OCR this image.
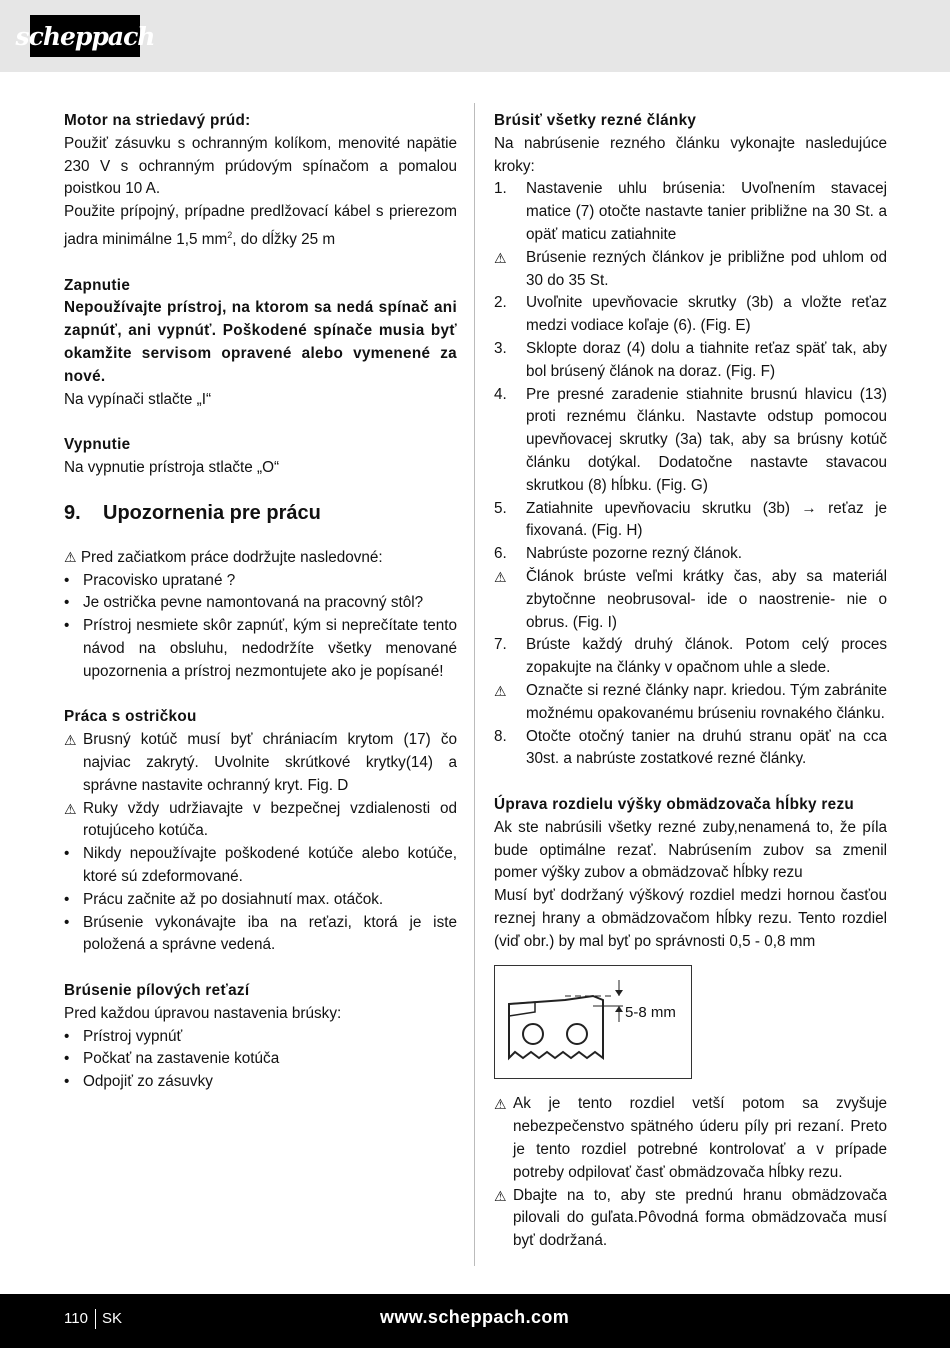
scheppach

Motor na striedavý prúd:

Použiť zásuvku s ochranným kolíkom, menovité napätie 230 V s ochranným prúdovým spínačom a pomalou poistkou 10 A.

Použite prípojný, prípadne predlžovací kábel s prierezom jadra minimálne 1,5 $mm^2$, do dĺžky 25 m

Zapnutie

Nepoužívajte prístroj, na ktorom sa nedá spínač ani zapnúť, ani vypnúť. Poškodené spínače musia byť okamžite servisom opravené alebo vymenené za nové.

Na vypínači stlačte „I“

Vypnutie

Na vypnutie prístroja stlačte „O“

9. Upozornenia pre prácu

⚠ Pred začiatkom práce dodržujte nasledovné:

• Pracovisko upratané ?
• Je ostrička pevne namontovaná na pracovný stôl?
• Prístroj nesmiete skôr zapnúť, kým si neprečítate tento návod na obsluhu, nedodržíte všetky menované upozornenia a prístroj nezmontujete ako je popísané!

Práca s ostričkou

⚠ Brusný kotúč musí byť chrániacím krytom (17) čo najviac zakrytý. Uvolnite skrútkové krytky(14) a správne nastavite ochranný kryt. Fig. D
⚠ Ruky vždy udržiavajte v bezpečnej vzdialenosti od rotujúceho kotúča.
• Nikdy nepoužívajte poškodené kotúče alebo kotúče, ktoré sú zdeformované.
• Prácu začnite až po dosiahnutí max. otáčok.
• Brúsenie vykonávajte iba na reťazi, ktorá je iste položená a správne vedená.

Brúsenie pílových reťazí

Pred každou úpravou nastavenia brúsky:

• Prístroj vypnúť
• Počkať na zastavenie kotúča
• Odpojiť zo zásuvky

Brúsiť všetky rezné články

Na nabrúsenie rezného článku vykonajte nasledujúce kroky:

1. Nastavenie uhlu brúsenia: Uvoľnením stavacej matice (7) otočte nastavte tanier približne na 30 St. a opäť maticu zatiahnite
⚠ Brúsenie rezných článkov je približne pod uhlom od 30 do 35 St.
2. Uvoľnite upevňovacie skrutky (3b) a vložte reťaz medzi vodiace koľaje (6). (Fig. E)
3. Sklopte doraz (4) dolu a tiahnite reťaz späť tak, aby bol brúsený článok na doraz. (Fig. F)
4. Pre presné zaradenie stiahnite brusnú hlavicu (13) proti reznému článku. Nastavte odstup pomocou upevňovacej skrutky (3a) tak, aby sa brúsny kotúč článku dotýkal. Dodatočne nastavte stavacou skrutkou (8) hĺbku. (Fig. G)
5. Zatiahnite upevňovaciu skrutku (3b) → reťaz je fixovaná. (Fig. H)
6. Nabrúste pozorne rezný článok.
⚠ Článok brúste veľmi krátky čas, aby sa materiál zbytočnne neobrusoval- ide o naostrenie- nie o obrus. (Fig. I)
7. Brúste každý druhý článok. Potom celý proces zopakujte na články v opačnom uhle a slede.
⚠ Označte si rezné články napr. kriedou. Tým zabránite možnému opakovanému brúseniu rovnakého článku.
8. Otočte otočný tanier na druhú stranu opäť na cca 30st. a nabrúste zostatkové rezné články.

Úprava rozdielu výšky obmädzovača hĺbky rezu

Ak ste nabrúsili všetky rezné zuby,nenamená to, že píla bude optimálne rezať. Nabrúsením zubov sa zmenil pomer výšky zubov a obmädzovač hĺbky rezu

Musí byť dodržaný výškový rozdiel medzi hornou časťou reznej hrany a obmädzovačom hĺbky rezu. Tento rozdiel (viď obr.) by mal byť po správnosti 0,5 - 0,8 mm

5-8 mm
⚠ Ak je tento rozdiel vetší potom sa zvyšuje nebezpečenstvo spätného úderu píly pri rezaní. Preto je tento rozdiel potrebné kontrolovať a v prípade potreby odpilovať časť obmädzovača hĺbky rezu.
⚠ Dbajte na to, aby ste prednú hranu obmädzovača pilovali do guľata.Pôvodná forma obmädzovača musí byť dodržaná.
110 SK	www.scheppach.com
